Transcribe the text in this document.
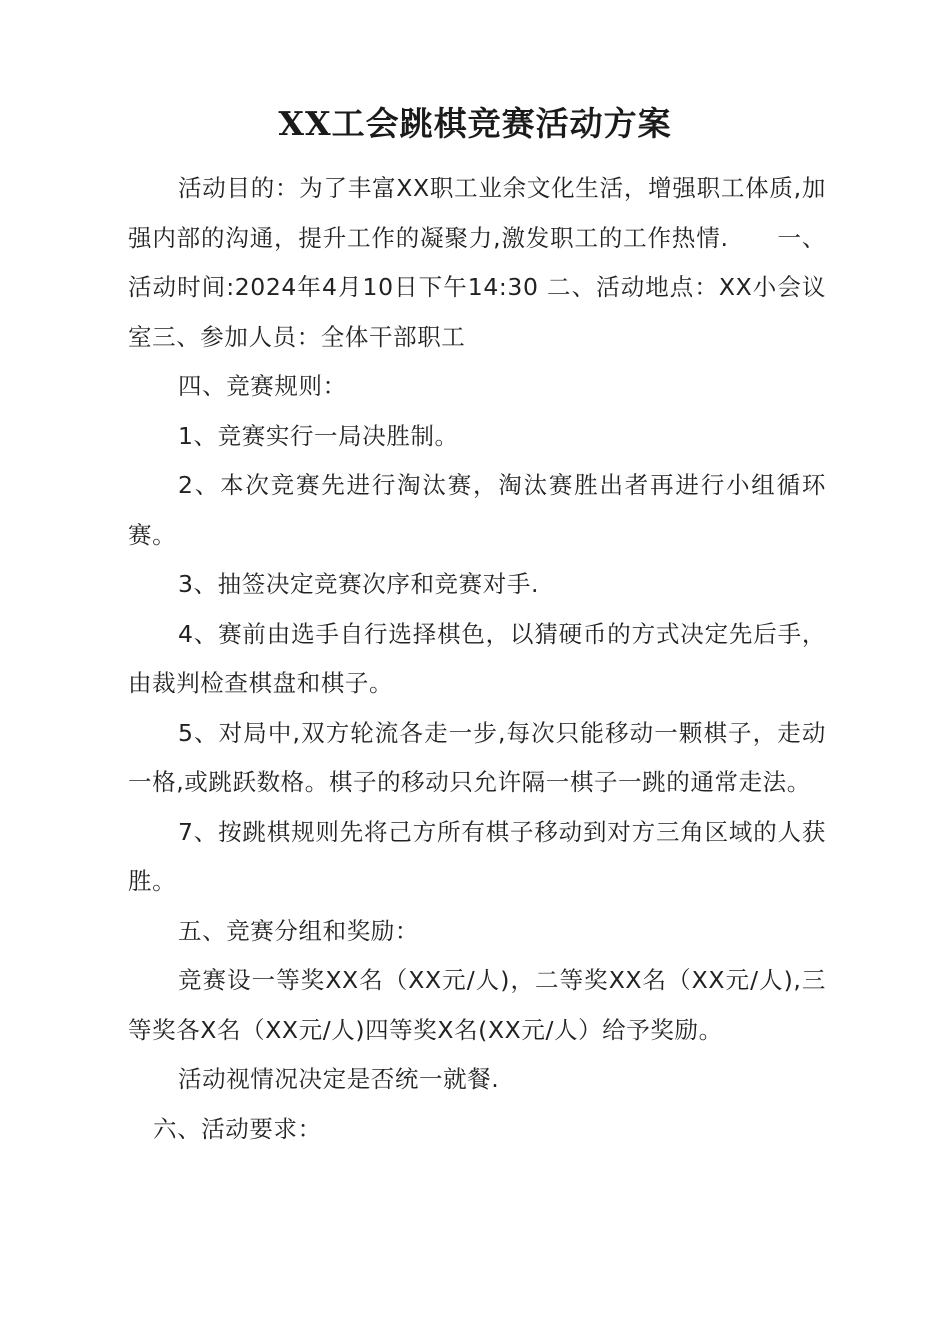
XX工会跳棋竞赛活动方案

活动目的：为了丰富XX职工业余文化生活，增强职工体质,加强内部的沟通，提升工作的凝聚力,激发职工的工作热情.　　一、活动时间:2024年4月10日下午14:30 二、活动地点：XX小会议室三、参加人员：全体干部职工

四、竞赛规则：

1、竞赛实行一局决胜制。

2、本次竞赛先进行淘汰赛，淘汰赛胜出者再进行小组循环赛。

3、抽签决定竞赛次序和竞赛对手.

4、赛前由选手自行选择棋色，以猜硬币的方式决定先后手，由裁判检查棋盘和棋子。

5、对局中,双方轮流各走一步,每次只能移动一颗棋子，走动一格,或跳跃数格。棋子的移动只允许隔一棋子一跳的通常走法。

7、按跳棋规则先将己方所有棋子移动到对方三角区域的人获胜。

五、竞赛分组和奖励：

竞赛设一等奖XX名（XX元/人)，二等奖XX名（XX元/人),三等奖各X名（XX元/人)四等奖X名(XX元/人）给予奖励。

活动视情况决定是否统一就餐.

六、活动要求：
